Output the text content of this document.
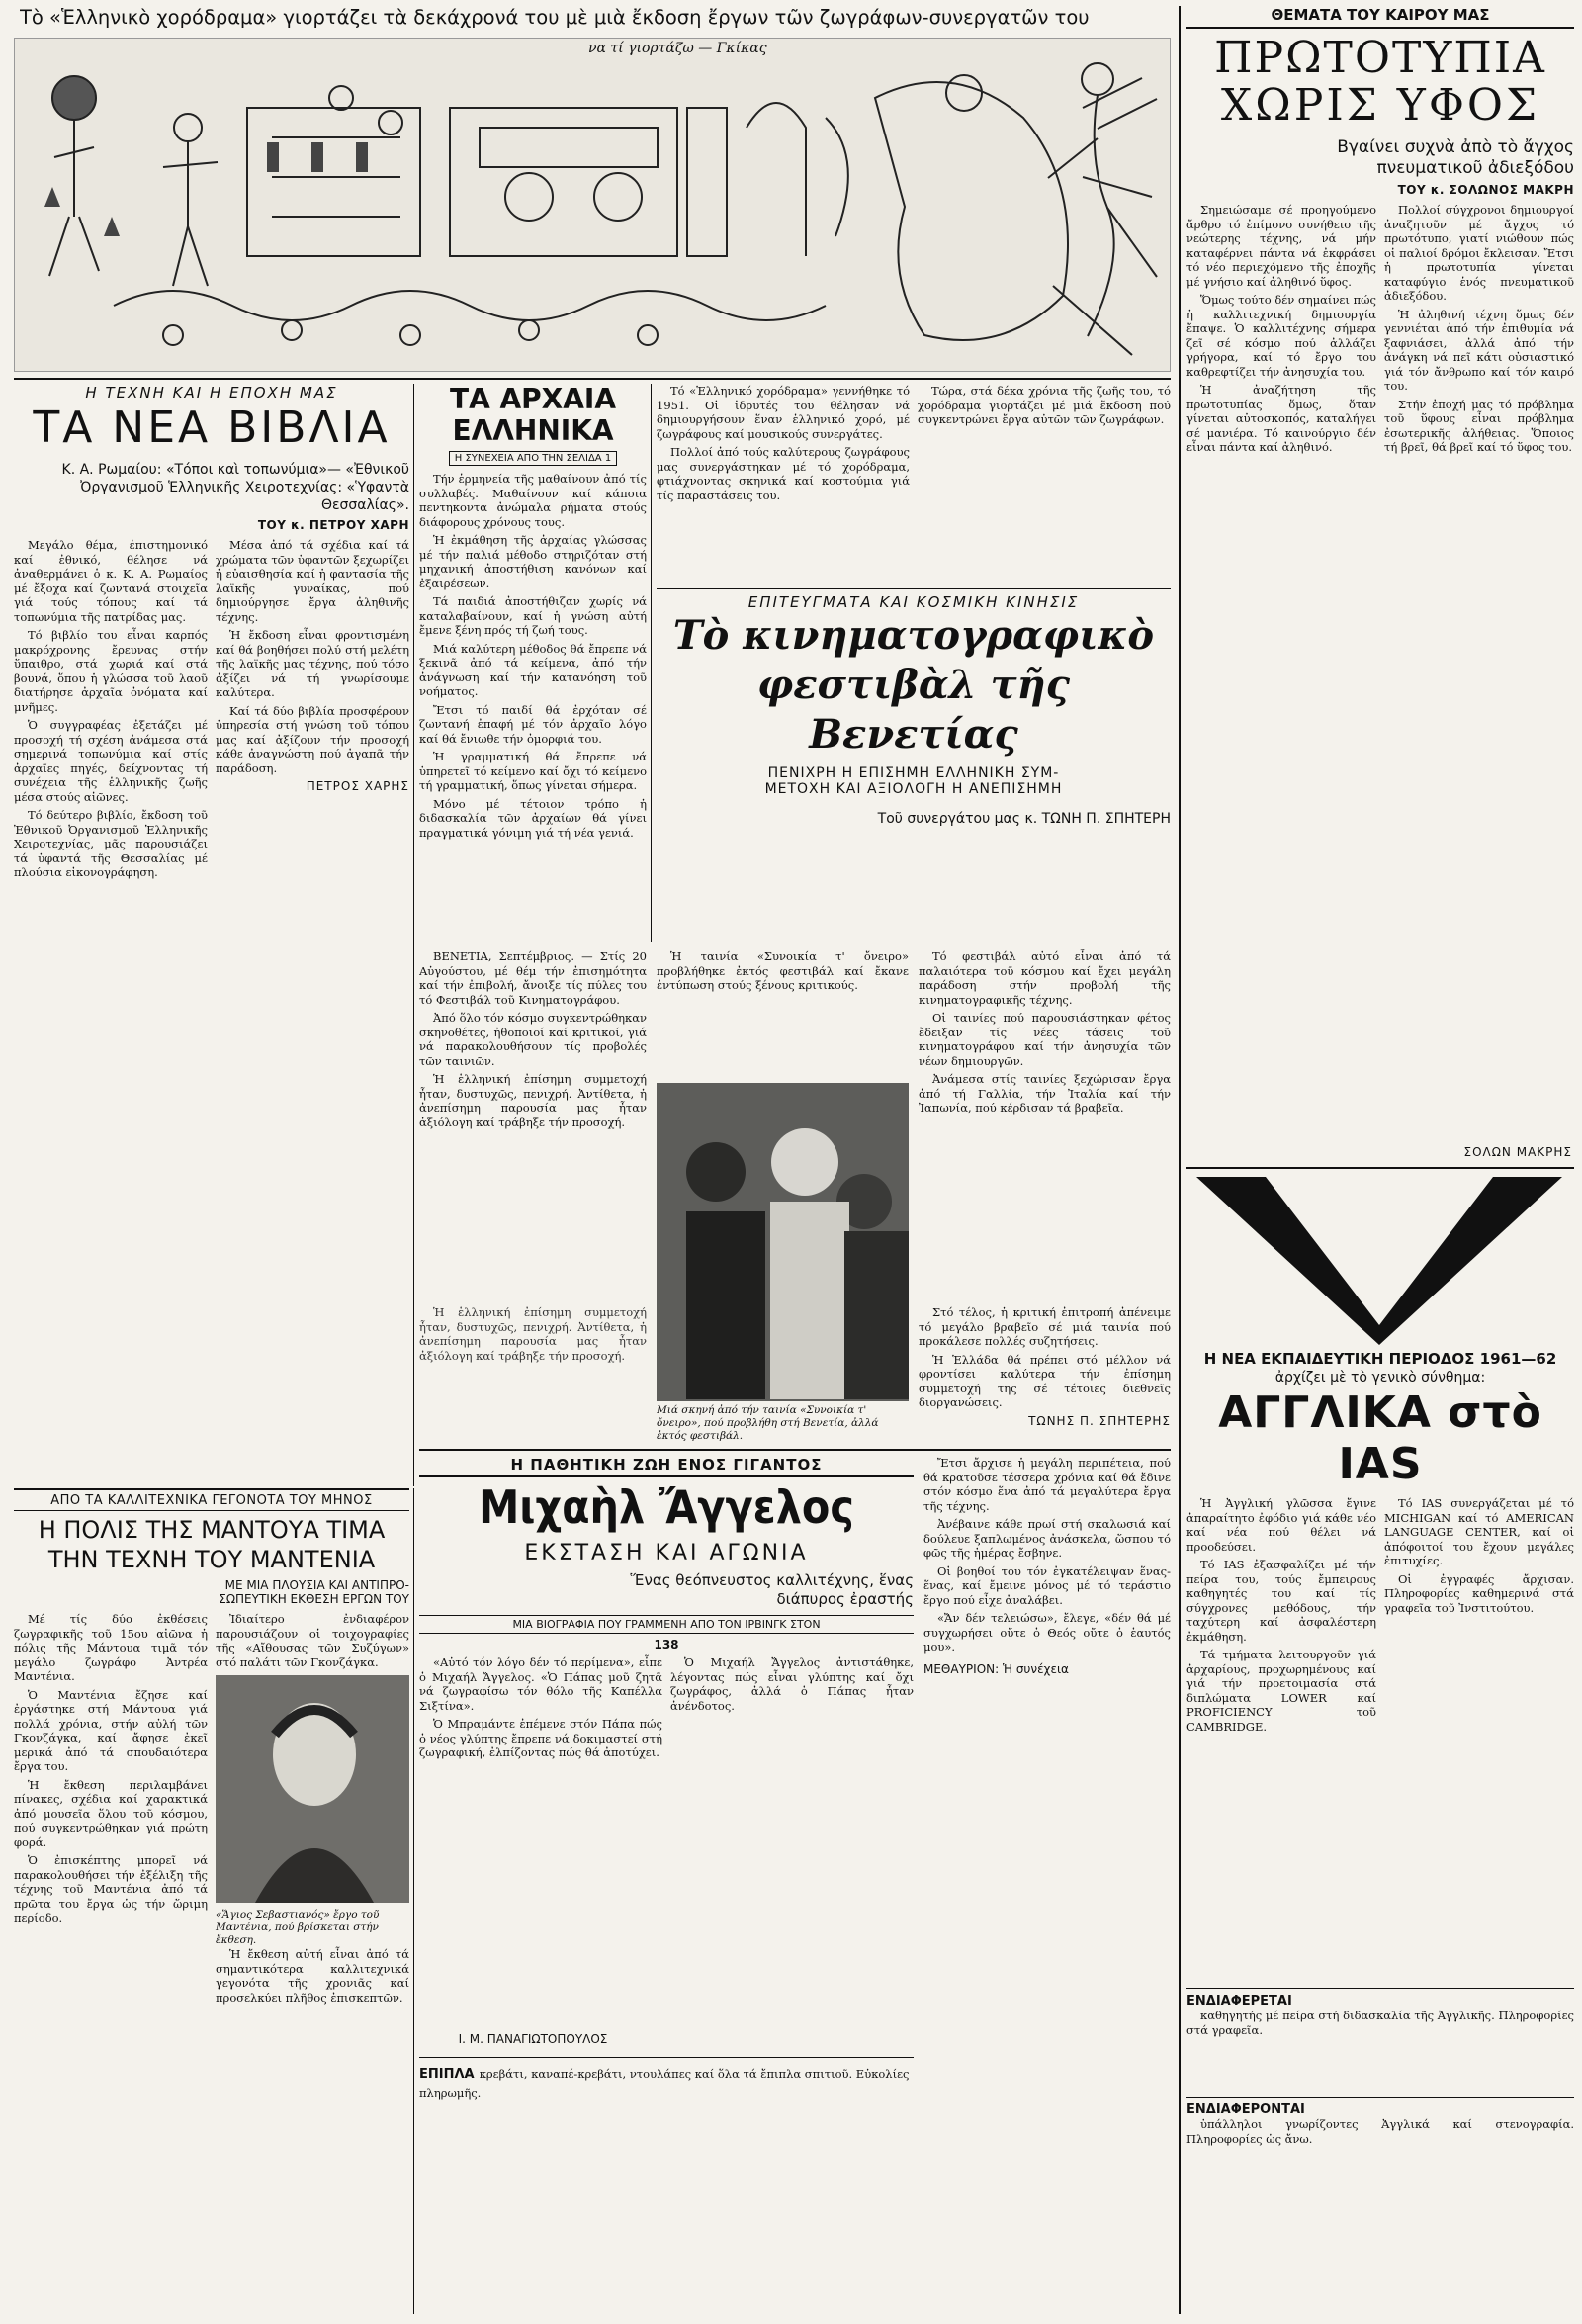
Τὸ «Ἑλληνικὸ χορόδραμα» γιορτάζει τὰ δεκάχρονά του μὲ μιὰ ἔκδοση ἔργων τῶν ζωγράφων-συνεργατῶν του
να τί γιορτάζω — Γκίκας
ΘΕΜΑΤΑ ΤΟΥ ΚΑΙΡΟΥ ΜΑΣ
ΠΡΩΤΟΤΥΠΙΑ
ΧΩΡΙΣ ΥΦΟΣ
Βγαίνει συχνὰ ἀπὸ τὸ ἄγχος πνευματικοῦ ἀδιεξόδου
ΤΟΥ κ. ΣΟΛΩΝΟΣ ΜΑΚΡΗ

Σημειώσαμε σέ προηγούμενο ἄρθρο τό ἐπίμονο συνήθειο τῆς νεώτερης τέχνης, νά μήν καταφέρνει πάντα νά ἐκφράσει τό νέο περιεχόμενο τῆς ἐποχῆς μέ γνήσιο καί ἀληθινό ὕφος.

Ὅμως τούτο δέν σημαίνει πώς ἡ καλλιτεχνική δημιουργία ἔπαψε. Ὁ καλλιτέχνης σήμερα ζεῖ σέ κόσμο πού ἀλλάζει γρήγορα, καί τό ἔργο του καθρεφτίζει τήν ἀνησυχία του.

Ἡ ἀναζήτηση τῆς πρωτοτυπίας ὅμως, ὅταν γίνεται αὐτοσκοπός, καταλήγει σέ μανιέρα. Τό καινούργιο δέν εἶναι πάντα καί ἀληθινό.

Πολλοί σύγχρονοι δημιουργοί ἀναζητοῦν μέ ἄγχος τό πρωτότυπο, γιατί νιώθουν πώς οἱ παλιοί δρόμοι ἔκλεισαν. Ἔτσι ἡ πρωτοτυπία γίνεται καταφύγιο ἑνός πνευματικοῦ ἀδιεξόδου.

Ἡ ἀληθινή τέχνη ὅμως δέν γεννιέται ἀπό τήν ἐπιθυμία νά ξαφνιάσει, ἀλλά ἀπό τήν ἀνάγκη νά πεῖ κάτι οὐσιαστικό γιά τόν ἄνθρωπο καί τόν καιρό του.

Στήν ἐποχή μας τό πρόβλημα τοῦ ὕφους εἶναι πρόβλημα ἐσωτερικῆς ἀλήθειας. Ὅποιος τή βρεῖ, θά βρεῖ καί τό ὕφος του.

ΣΟΛΩΝ ΜΑΚΡΗΣ
Η ΝΕΑ ΕΚΠΑΙΔΕΥΤΙΚΗ ΠΕΡΙΟΔΟΣ 1961—62
ἀρχίζει μὲ τὸ γενικὸ σύνθημα:
ΑΓΓΛΙΚΑ στὸ IAS

Ἡ Ἀγγλική γλῶσσα ἔγινε ἀπαραίτητο ἐφόδιο γιά κάθε νέο καί νέα πού θέλει νά προοδεύσει.

Τό IAS ἐξασφαλίζει μέ τήν πείρα του, τούς ἔμπειρους καθηγητές του καί τίς σύγχρονες μεθόδους, τήν ταχύτερη καί ἀσφαλέστερη ἐκμάθηση.

Τά τμήματα λειτουργοῦν γιά ἀρχαρίους, προχωρημένους καί γιά τήν προετοιμασία στά διπλώματα LOWER καί PROFICIENCY τοῦ CAMBRIDGE.

Τό IAS συνεργάζεται μέ τό MICHIGAN καί τό AMERICAN LANGUAGE CENTER, καί οἱ ἀπόφοιτοί του ἔχουν μεγάλες ἐπιτυχίες.

Οἱ ἐγγραφές ἄρχισαν. Πληροφορίες καθημερινά στά γραφεῖα τοῦ Ἰνστιτούτου.

ΕΝΔΙΑΦΕΡΕΤΑΙ

καθηγητής μέ πείρα στή διδασκαλία τῆς Ἀγγλικῆς. Πληροφορίες στά γραφεῖα.

ΕΝΔΙΑΦΕΡΟΝΤΑΙ

ὑπάλληλοι γνωρίζοντες Ἀγγλικά καί στενογραφία. Πληροφορίες ὡς ἄνω.

Η ΤΕΧΝΗ ΚΑΙ Η ΕΠΟΧΗ ΜΑΣ
ΤΑ ΝΕΑ ΒΙΒΛΙΑ
Κ. Α. Ρωμαίου: «Τόποι καὶ τοπωνύμια»— «Ἐθνικοῦ Ὀργανισμοῦ Ἑλληνικῆς Χειροτεχνίας: «Ὑφαντὰ Θεσσαλίας».
ΤΟΥ κ. ΠΕΤΡΟΥ ΧΑΡΗ

Μεγάλο θέμα, ἐπιστημονικό καί ἐθνικό, θέλησε νά ἀναθερμάνει ὁ κ. Κ. Α. Ρωμαίος μέ ἔξοχα καί ζωντανά στοιχεῖα γιά τούς τόπους καί τά τοπωνύμια τῆς πατρίδας μας.

Τό βιβλίο του εἶναι καρπός μακρόχρονης ἔρευνας στήν ὕπαιθρο, στά χωριά καί στά βουνά, ὅπου ἡ γλώσσα τοῦ λαοῦ διατήρησε ἀρχαῖα ὀνόματα καί μνῆμες.

Ὁ συγγραφέας ἐξετάζει μέ προσοχή τή σχέση ἀνάμεσα στά σημερινά τοπωνύμια καί στίς ἀρχαῖες πηγές, δείχνοντας τή συνέχεια τῆς ἑλληνικῆς ζωῆς μέσα στούς αἰῶνες.

Τό δεύτερο βιβλίο, ἔκδοση τοῦ Ἐθνικοῦ Ὀργανισμοῦ Ἑλληνικῆς Χειροτεχνίας, μᾶς παρουσιάζει τά ὑφαντά τῆς Θεσσαλίας μέ πλούσια εἰκονογράφηση.

Μέσα ἀπό τά σχέδια καί τά χρώματα τῶν ὑφαντῶν ξεχωρίζει ἡ εὐαισθησία καί ἡ φαντασία τῆς λαϊκῆς γυναίκας, πού δημιούργησε ἔργα ἀληθινῆς τέχνης.

Ἡ ἔκδοση εἶναι φροντισμένη καί θά βοηθήσει πολύ στή μελέτη τῆς λαϊκῆς μας τέχνης, πού τόσο ἀξίζει νά τή γνωρίσουμε καλύτερα.

Καί τά δύο βιβλία προσφέρουν ὑπηρεσία στή γνώση τοῦ τόπου μας καί ἀξίζουν τήν προσοχή κάθε ἀναγνώστη πού ἀγαπᾶ τήν παράδοση.

ΠΕΤΡΟΣ ΧΑΡΗΣ
ΤΑ ΑΡΧΑΙΑ
ΕΛΛΗΝΙΚΑ
Η ΣΥΝΕΧΕΙΑ ΑΠΟ ΤΗΝ ΣΕΛΙΔΑ 1

Τήν ἑρμηνεία τῆς μαθαίνουν ἀπό τίς συλλαβές. Μαθαίνουν καί κάποια πεντηκοντα ἀνώμαλα ρήματα στούς διάφορους χρόνους τους.

Ἡ ἐκμάθηση τῆς ἀρχαίας γλώσσας μέ τήν παλιά μέθοδο στηριζόταν στή μηχανική ἀποστήθιση κανόνων καί ἐξαιρέσεων.

Τά παιδιά ἀποστήθιζαν χωρίς νά καταλαβαίνουν, καί ἡ γνώση αὐτή ἔμενε ξένη πρός τή ζωή τους.

Μιά καλύτερη μέθοδος θά ἔπρεπε νά ξεκινᾶ ἀπό τά κείμενα, ἀπό τήν ἀνάγνωση καί τήν κατανόηση τοῦ νοήματος.

Ἔτσι τό παιδί θά ἐρχόταν σέ ζωντανή ἐπαφή μέ τόν ἀρχαῖο λόγο καί θά ἔνιωθε τήν ὀμορφιά του.

Ἡ γραμματική θά ἔπρεπε νά ὑπηρετεῖ τό κείμενο καί ὄχι τό κείμενο τή γραμματική, ὅπως γίνεται σήμερα.

Μόνο μέ τέτοιον τρόπο ἡ διδασκαλία τῶν ἀρχαίων θά γίνει πραγματικά γόνιμη γιά τή νέα γενιά.

Τό «Ἑλληνικό χορόδραμα» γεννήθηκε τό 1951. Οἱ ἱδρυτές του θέλησαν νά δημιουργήσουν ἕναν ἑλληνικό χορό, μέ ζωγράφους καί μουσικούς συνεργάτες.

Πολλοί ἀπό τούς καλύτερους ζωγράφους μας συνεργάστηκαν μέ τό χορόδραμα, φτιάχνοντας σκηνικά καί κοστούμια γιά τίς παραστάσεις του.

Τώρα, στά δέκα χρόνια τῆς ζωῆς του, τό χορόδραμα γιορτάζει μέ μιά ἔκδοση πού συγκεντρώνει ἔργα αὐτῶν τῶν ζωγράφων.

ΕΠΙΤΕΥΓΜΑΤΑ ΚΑΙ ΚΟΣΜΙΚΗ ΚΙΝΗΣΙΣ
Τὸ κινηματογραφικὸ
φεστιβὰλ τῆς Βενετίας
ΠΕΝΙΧΡΗ Η ΕΠΙΣΗΜΗ ΕΛΛΗΝΙΚΗ ΣΥΜ-
ΜΕΤΟΧΗ ΚΑΙ ΑΞΙΟΛΟΓΗ Η ΑΝΕΠΙΣΗΜΗ
Τοῦ συνεργάτου μας κ. ΤΩΝΗ Π. ΣΠΗΤΕΡΗ

ΒΕΝΕΤΙΑ, Σεπτέμβριος. — Στίς 20 Αὐγούστου, μέ θέμ τήν ἐπισημότητα καί τήν ἐπιβολή, ἄνοιξε τίς πύλες του τό Φεστιβάλ τοῦ Κινηματογράφου.

Ἀπό ὅλο τόν κόσμο συγκεντρώθηκαν σκηνοθέτες, ἠθοποιοί καί κριτικοί, γιά νά παρακολουθήσουν τίς προβολές τῶν ταινιῶν.

Ἡ ἑλληνική ἐπίσημη συμμετοχή ἦταν, δυστυχῶς, πενιχρή. Ἀντίθετα, ἡ ἀνεπίσημη παρουσία μας ἦταν ἀξιόλογη καί τράβηξε τήν προσοχή.

Ἡ ταινία «Συνοικία τ' ὄνειρο» προβλήθηκε ἐκτός φεστιβάλ καί ἔκανε ἐντύπωση στούς ξένους κριτικούς.

Τό φεστιβάλ αὐτό εἶναι ἀπό τά παλαιότερα τοῦ κόσμου καί ἔχει μεγάλη παράδοση στήν προβολή τῆς κινηματογραφικῆς τέχνης.

Οἱ ταινίες πού παρουσιάστηκαν φέτος ἔδειξαν τίς νέες τάσεις τοῦ κινηματογράφου καί τήν ἀνησυχία τῶν νέων δημιουργῶν.

Ἀνάμεσα στίς ταινίες ξεχώρισαν ἔργα ἀπό τή Γαλλία, τήν Ἰταλία καί τήν Ἰαπωνία, πού κέρδισαν τά βραβεῖα.

Μιά σκηνή ἀπό τήν ταινία «Συνοικία τ' ὄνειρο», πού προβλήθη στή Βενετία, ἀλλά ἐκτός φεστιβάλ.

Στό τέλος, ἡ κριτική ἐπιτροπή ἀπένειμε τό μεγάλο βραβεῖο σέ μιά ταινία πού προκάλεσε πολλές συζητήσεις.

Ἡ Ἑλλάδα θά πρέπει στό μέλλον νά φροντίσει καλύτερα τήν ἐπίσημη συμμετοχή της σέ τέτοιες διεθνεῖς διοργανώσεις.

ΤΩΝΗΣ Π. ΣΠΗΤΕΡΗΣ

Ἡ ἑλληνική ἐπίσημη συμμετοχή ἦταν, δυστυχῶς, πενιχρή. Ἀντίθετα, ἡ ἀνεπίσημη παρουσία μας ἦταν ἀξιόλογη καί τράβηξε τήν προσοχή.

ΑΠΟ ΤΑ ΚΑΛΛΙΤΕΧΝΙΚΑ ΓΕΓΟΝΟΤΑ ΤΟΥ ΜΗΝΟΣ
Η ΠΟΛΙΣ ΤΗΣ ΜΑΝΤΟΥΑ ΤΙΜΑ
ΤΗΝ ΤΕΧΝΗ ΤΟΥ ΜΑΝΤΕΝΙΑ
ΜΕ ΜΙΑ ΠΛΟΥΣΙΑ ΚΑΙ ΑΝΤΙΠΡΟ-
ΣΩΠΕΥΤΙΚΗ ΕΚΘΕΣΗ ΕΡΓΩΝ ΤΟΥ

Μέ τίς δύο ἐκθέσεις ζωγραφικῆς τοῦ 15ου αἰῶνα ἡ πόλις τῆς Μάντουα τιμᾶ τόν μεγάλο ζωγράφο Ἀντρέα Μαντένια.

Ὁ Μαντένια ἔζησε καί ἐργάστηκε στή Μάντουα γιά πολλά χρόνια, στήν αὐλή τῶν Γκονζάγκα, καί ἄφησε ἐκεῖ μερικά ἀπό τά σπουδαιότερα ἔργα του.

Ἡ ἔκθεση περιλαμβάνει πίνακες, σχέδια καί χαρακτικά ἀπό μουσεῖα ὅλου τοῦ κόσμου, πού συγκεντρώθηκαν γιά πρώτη φορά.

Ὁ ἐπισκέπτης μπορεῖ νά παρακολουθήσει τήν ἐξέλιξη τῆς τέχνης τοῦ Μαντένια ἀπό τά πρῶτα του ἔργα ὡς τήν ὥριμη περίοδο.

Ἰδιαίτερο ἐνδιαφέρον παρουσιάζουν οἱ τοιχογραφίες τῆς «Αἴθουσας τῶν Συζύγων» στό παλάτι τῶν Γκονζάγκα.

«Ἅγιος Σεβαστιανός» ἔργο τοῦ Μαντένια, πού βρίσκεται στήν ἔκθεση.

Ἡ ἔκθεση αὐτή εἶναι ἀπό τά σημαντικότερα καλλιτεχνικά γεγονότα τῆς χρονιᾶς καί προσελκύει πλῆθος ἐπισκεπτῶν.

Η ΠΑΘΗΤΙΚΗ ΖΩΗ ΕΝΟΣ ΓΙΓΑΝΤΟΣ
Μιχαὴλ Ἄγγελος
ΕΚΣΤΑΣΗ ΚΑΙ ΑΓΩΝΙΑ
Ἕνας θεόπνευστος καλλιτέχνης, ἕνας διάπυρος ἐραστής
ΜΙΑ ΒΙΟΓΡΑΦΙΑ ΠΟΥ ΓΡΑΜΜΕΝΗ ΑΠΟ ΤΟΝ ΙΡΒΙΝΓΚ ΣΤΟΝ
138

«Αὐτό τόν λόγο δέν τό περίμενα», εἶπε ὁ Μιχαήλ Ἄγγελος. «Ὁ Πάπας μοῦ ζητᾶ νά ζωγραφίσω τόν θόλο τῆς Καπέλλα Σιξτίνα».

Ὁ Μπραμάντε ἐπέμενε στόν Πάπα πώς ὁ νέος γλύπτης ἔπρεπε νά δοκιμαστεί στή ζωγραφική, ἐλπίζοντας πώς θά ἀποτύχει.

Ὁ Μιχαήλ Ἄγγελος ἀντιστάθηκε, λέγοντας πώς εἶναι γλύπτης καί ὄχι ζωγράφος, ἀλλά ὁ Πάπας ἦταν ἀνένδοτος.

Ἔτσι ἄρχισε ἡ μεγάλη περιπέτεια, πού θά κρατοῦσε τέσσερα χρόνια καί θά ἔδινε στόν κόσμο ἕνα ἀπό τά μεγαλύτερα ἔργα τῆς τέχνης.

Ἀνέβαινε κάθε πρωί στή σκαλωσιά καί δούλευε ξαπλωμένος ἀνάσκελα, ὥσπου τό φῶς τῆς ἡμέρας ἔσβηνε.

Οἱ βοηθοί του τόν ἐγκατέλειψαν ἕνας-ἕνας, καί ἔμεινε μόνος μέ τό τεράστιο ἔργο πού εἶχε ἀναλάβει.

«Ἄν δέν τελειώσω», ἔλεγε, «δέν θά μέ συγχωρήσει οὔτε ὁ Θεός οὔτε ὁ ἑαυτός μου».

ΜΕΘΑΥΡΙΟΝ: Ἡ συνέχεια
Ι. Μ. ΠΑΝΑΓΙΩΤΟΠΟΥΛΟΣ
ΕΠΙΠΛΑ κρεβάτι, καναπέ-κρεβάτι, ντουλάπες καί ὅλα τά ἔπιπλα σπιτιοῦ. Εὐκολίες πληρωμῆς.
